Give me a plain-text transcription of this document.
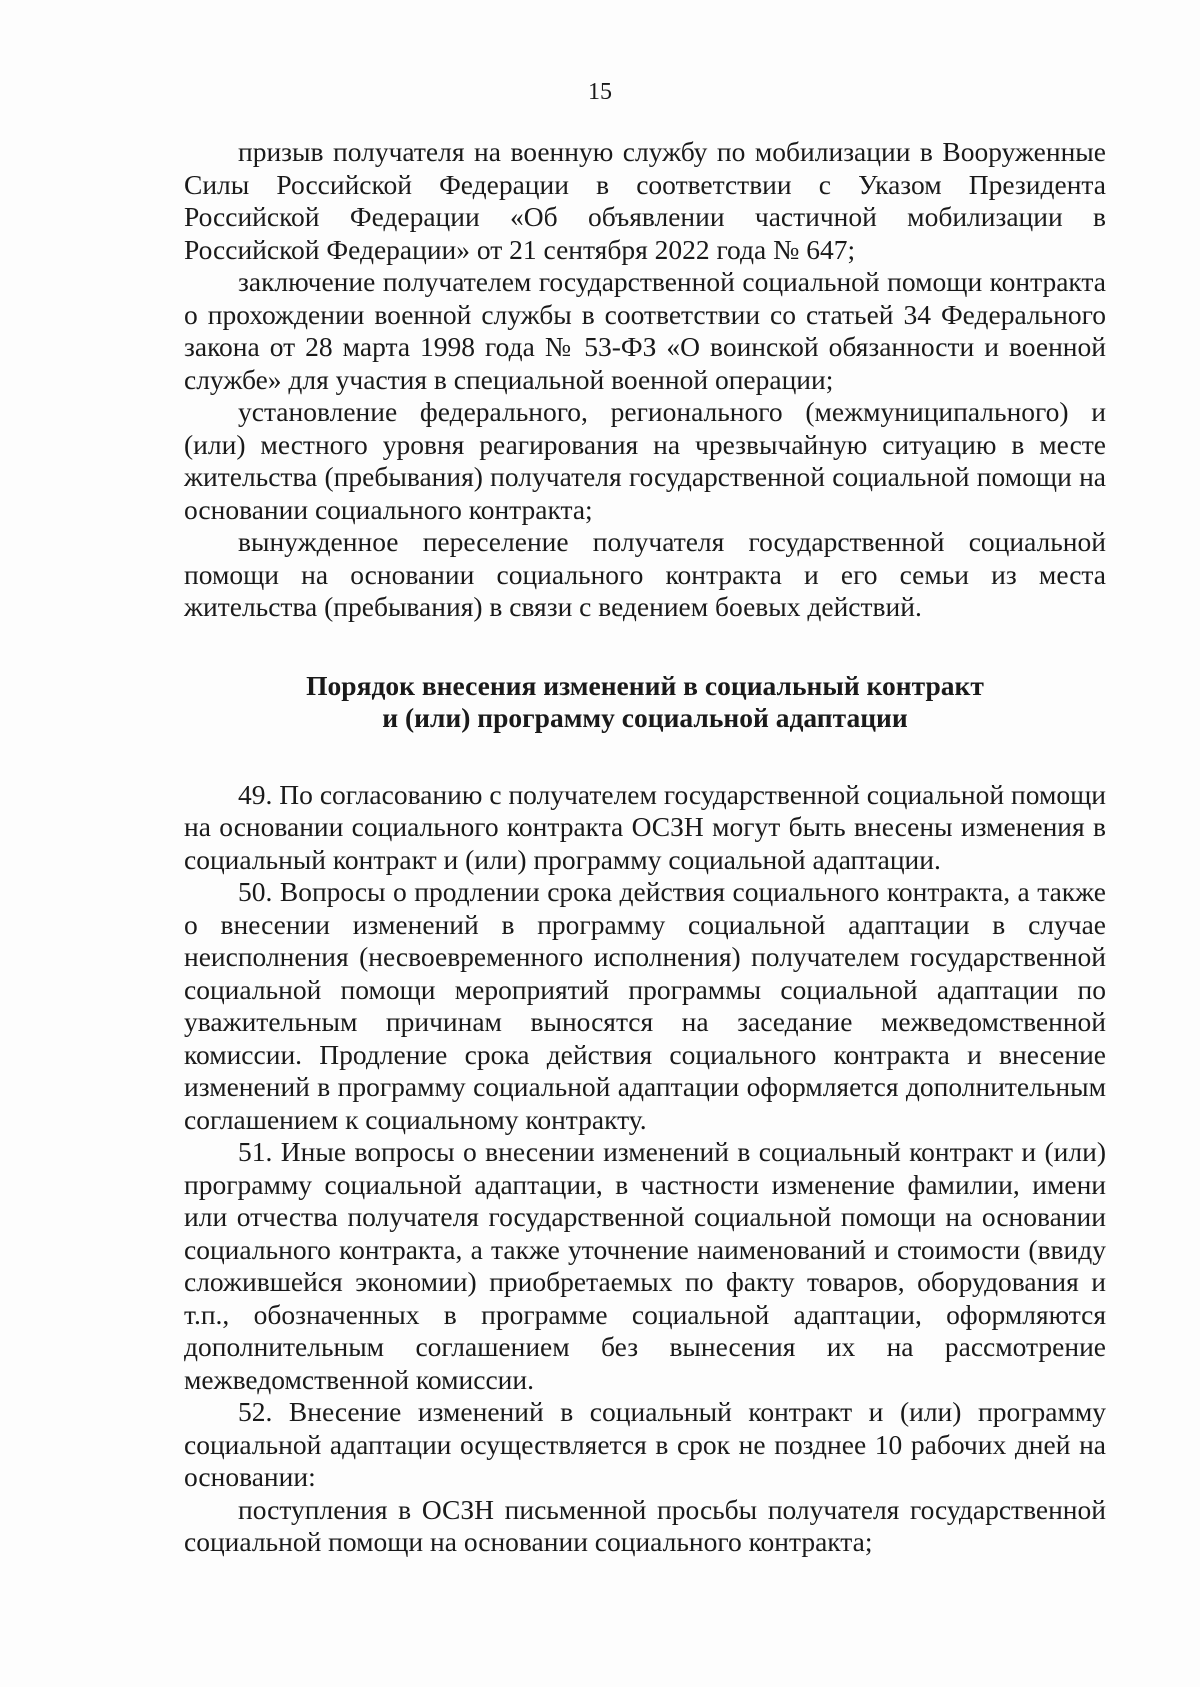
15

призыв получателя на военную службу по мобилизации в Вооруженные Силы Российской Федерации в соответствии с Указом Президента Российской Федерации «Об объявлении частичной мобилизации в Российской Федерации» от 21 сентября 2022 года № 647;

заключение получателем государственной социальной помощи контракта о прохождении военной службы в соответствии со статьей 34 Федерального закона от 28 марта 1998 года № 53-ФЗ «О воинской обязанности и военной службе» для участия в специальной военной операции;

установление федерального, регионального (межмуниципального) и (или) местного уровня реагирования на чрезвычайную ситуацию в месте жительства (пребывания) получателя государственной социальной помощи на основании социального контракта;

вынужденное переселение получателя государственной социальной помощи на основании социального контракта и его семьи из места жительства (пребывания) в связи с ведением боевых действий.

Порядок внесения изменений в социальный контракт
и (или) программу социальной адаптации

49. По согласованию с получателем государственной социальной помощи на основании социального контракта ОСЗН могут быть внесены изменения в социальный контракт и (или) программу социальной адаптации.

50. Вопросы о продлении срока действия социального контракта, а также о внесении изменений в программу социальной адаптации в случае неисполнения (несвоевременного исполнения) получателем государственной социальной помощи мероприятий программы социальной адаптации по уважительным причинам выносятся на заседание межведомственной комиссии. Продление срока действия социального контракта и внесение изменений в программу социальной адаптации оформляется дополнительным соглашением к социальному контракту.

51. Иные вопросы о внесении изменений в социальный контракт и (или) программу социальной адаптации, в частности изменение фамилии, имени или отчества получателя государственной социальной помощи на основании социального контракта, а также уточнение наименований и стоимости (ввиду сложившейся экономии) приобретаемых по факту товаров, оборудования и т.п., обозначенных в программе социальной адаптации, оформляются дополнительным соглашением без вынесения их на рассмотрение межведомственной комиссии.

52. Внесение изменений в социальный контракт и (или) программу социальной адаптации осуществляется в срок не позднее 10 рабочих дней на основании:

поступления в ОСЗН письменной просьбы получателя государственной социальной помощи на основании социального контракта;
